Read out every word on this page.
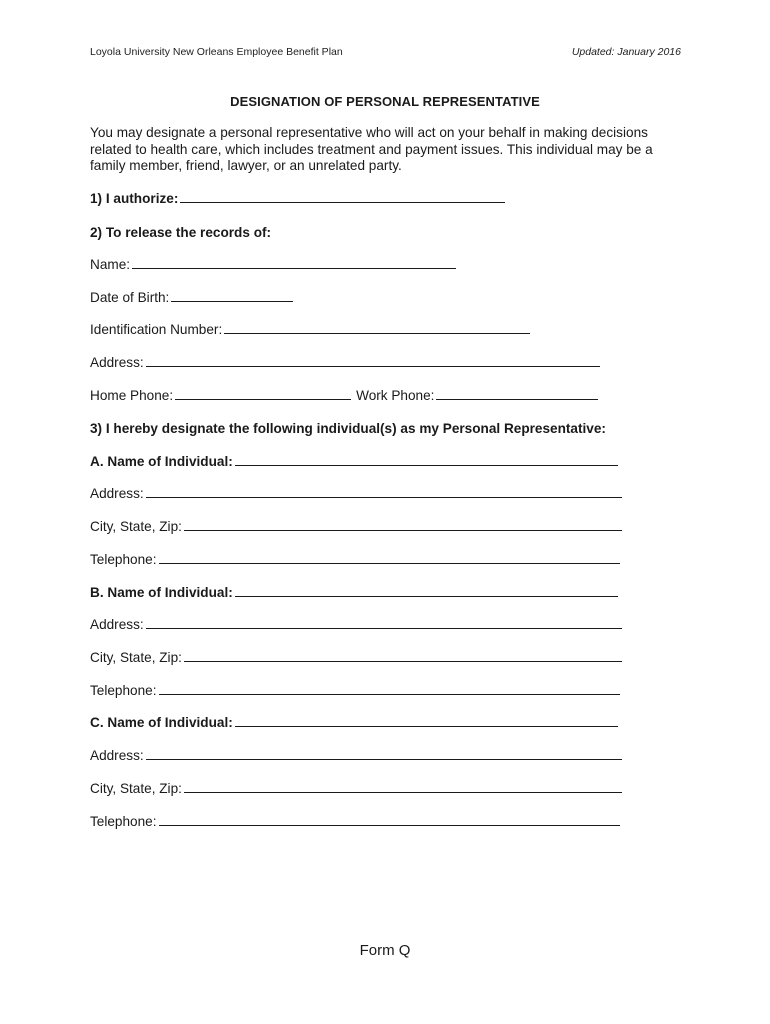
Loyola University New Orleans Employee Benefit Plan	Updated: January 2016
DESIGNATION OF PERSONAL REPRESENTATIVE
You may designate a personal representative who will act on your behalf in making decisions related to health care, which includes treatment and payment issues. This individual may be a family member, friend, lawyer, or an unrelated party.
1) I authorize:
2) To release the records of:
Name:
Date of Birth:
Identification Number:
Address:
Home Phone:	Work Phone:
3) I hereby designate the following individual(s) as my Personal Representative:
A. Name of Individual:
Address:
City, State, Zip:
Telephone:
B. Name of Individual:
Address:
City, State, Zip:
Telephone:
C. Name of Individual:
Address:
City, State, Zip:
Telephone:
Form Q
